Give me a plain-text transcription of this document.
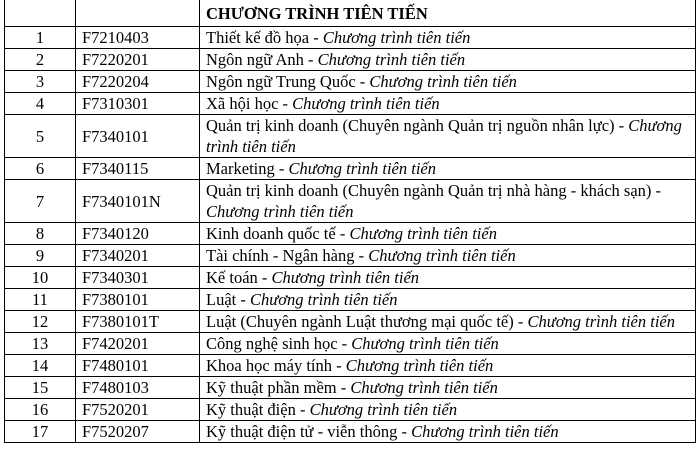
		CHƯƠNG TRÌNH TIÊN TIẾN
1	F7210403	Thiết kế đồ họa - Chương trình tiên tiến
2	F7220201	Ngôn ngữ Anh - Chương trình tiên tiến
3	F7220204	Ngôn ngữ Trung Quốc - Chương trình tiên tiến
4	F7310301	Xã hội học - Chương trình tiên tiến
5	F7340101	Quản trị kinh doanh (Chuyên ngành Quản trị nguồn nhân lực) - Chương trình tiên tiến
6	F7340115	Marketing - Chương trình tiên tiến
7	F7340101N	Quản trị kinh doanh (Chuyên ngành Quản trị nhà hàng - khách sạn) - Chương trình tiên tiến
8	F7340120	Kinh doanh quốc tế - Chương trình tiên tiến
9	F7340201	Tài chính - Ngân hàng - Chương trình tiên tiến
10	F7340301	Kế toán - Chương trình tiên tiến
11	F7380101	Luật - Chương trình tiên tiến
12	F7380101T	Luật (Chuyên ngành Luật thương mại quốc tế) - Chương trình tiên tiến
13	F7420201	Công nghệ sinh học - Chương trình tiên tiến
14	F7480101	Khoa học máy tính - Chương trình tiên tiến
15	F7480103	Kỹ thuật phần mềm - Chương trình tiên tiến
16	F7520201	Kỹ thuật điện - Chương trình tiên tiến
17	F7520207	Kỹ thuật điện tử - viễn thông - Chương trình tiên tiến
